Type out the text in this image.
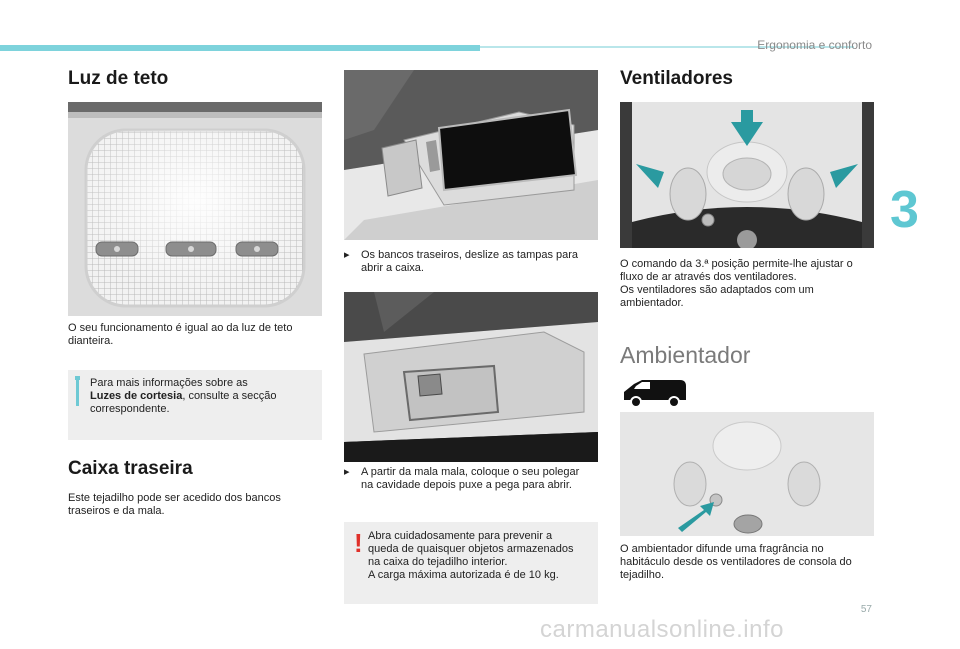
Ergonomia e conforto
3
Luz de teto
O seu funcionamento é igual ao da luz de teto dianteira.

Para mais informações sobre as

Luzes de cortesia, consulte a secção

correspondente.

Caixa traseira
Este tejadilho pode ser acedido dos bancos traseiros e da mala.
▸	Os bancos traseiros, deslize as tampas para abrir a caixa.

▸	A partir da mala mala, coloque o seu polegar na cavidade depois puxe a pega para abrir.

! Abra cuidadosamente para prevenir a

queda de quaisquer objetos armazenados

na caixa do tejadilho interior.

A carga máxima autorizada é de 10 kg.

Ventiladores

O comando da 3.ª posição permite-lhe ajustar o fluxo de ar através dos ventiladores.

Os ventiladores são adaptados com um ambientador.

Ambientador
O ambientador difunde uma fragrância no habitáculo desde os ventiladores de consola do tejadilho.
57
carmanualsonline.info
